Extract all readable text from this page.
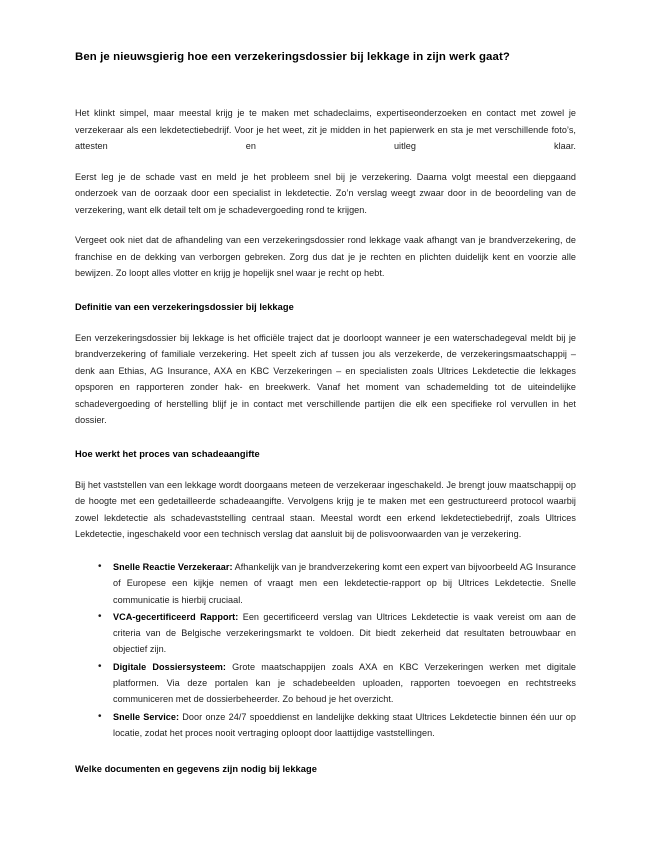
Ben je nieuwsgierig hoe een verzekeringsdossier bij lekkage in zijn werk gaat?

Het klinkt simpel, maar meestal krijg je te maken met schadeclaims, expertiseonderzoeken en contact met zowel je verzekeraar als een lekdetectiebedrijf. Voor je het weet, zit je midden in het papierwerk en sta je met verschillende foto’s, attesten en uitleg klaar.

Eerst leg je de schade vast en meld je het probleem snel bij je verzekering. Daarna volgt meestal een diepgaand onderzoek van de oorzaak door een specialist in lekdetectie. Zo’n verslag weegt zwaar door in de beoordeling van de verzekering, want elk detail telt om je schadevergoeding rond te krijgen.

Vergeet ook niet dat de afhandeling van een verzekeringsdossier rond lekkage vaak afhangt van je brandverzekering, de franchise en de dekking van verborgen gebreken. Zorg dus dat je je rechten en plichten duidelijk kent en voorzie alle bewijzen. Zo loopt alles vlotter en krijg je hopelijk snel waar je recht op hebt.

Definitie van een verzekeringsdossier bij lekkage

Een verzekeringsdossier bij lekkage is het officiële traject dat je doorloopt wanneer je een waterschadegeval meldt bij je brandverzekering of familiale verzekering. Het speelt zich af tussen jou als verzekerde, de verzekeringsmaatschappij – denk aan Ethias, AG Insurance, AXA en KBC Verzekeringen – en specialisten zoals Ultrices Lekdetectie die lekkages opsporen en rapporteren zonder hak- en breekwerk. Vanaf het moment van schademelding tot de uiteindelijke schadevergoeding of herstelling blijf je in contact met verschillende partijen die elk een specifieke rol vervullen in het dossier.

Hoe werkt het proces van schadeaangifte

Bij het vaststellen van een lekkage wordt doorgaans meteen de verzekeraar ingeschakeld. Je brengt jouw maatschappij op de hoogte met een gedetailleerde schadeaangifte. Vervolgens krijg je te maken met een gestructureerd protocol waarbij zowel lekdetectie als schadevaststelling centraal staan. Meestal wordt een erkend lekdetectiebedrijf, zoals Ultrices Lekdetectie, ingeschakeld voor een technisch verslag dat aansluit bij de polisvoorwaarden van je verzekering.

• Snelle Reactie Verzekeraar: Afhankelijk van je brandverzekering komt een expert van bijvoorbeeld AG Insurance of Europese een kijkje nemen of vraagt men een lekdetectie-rapport op bij Ultrices Lekdetectie. Snelle communicatie is hierbij cruciaal.
• VCA-gecertificeerd Rapport: Een gecertificeerd verslag van Ultrices Lekdetectie is vaak vereist om aan de criteria van de Belgische verzekeringsmarkt te voldoen. Dit biedt zekerheid dat resultaten betrouwbaar en objectief zijn.
• Digitale Dossiersysteem: Grote maatschappijen zoals AXA en KBC Verzekeringen werken met digitale platformen. Via deze portalen kan je schadebeelden uploaden, rapporten toevoegen en rechtstreeks communiceren met de dossierbeheerder. Zo behoud je het overzicht.
• Snelle Service: Door onze 24/7 spoeddienst en landelijke dekking staat Ultrices Lekdetectie binnen één uur op locatie, zodat het proces nooit vertraging oploopt door laattijdige vaststellingen.
Welke documenten en gegevens zijn nodig bij lekkage
